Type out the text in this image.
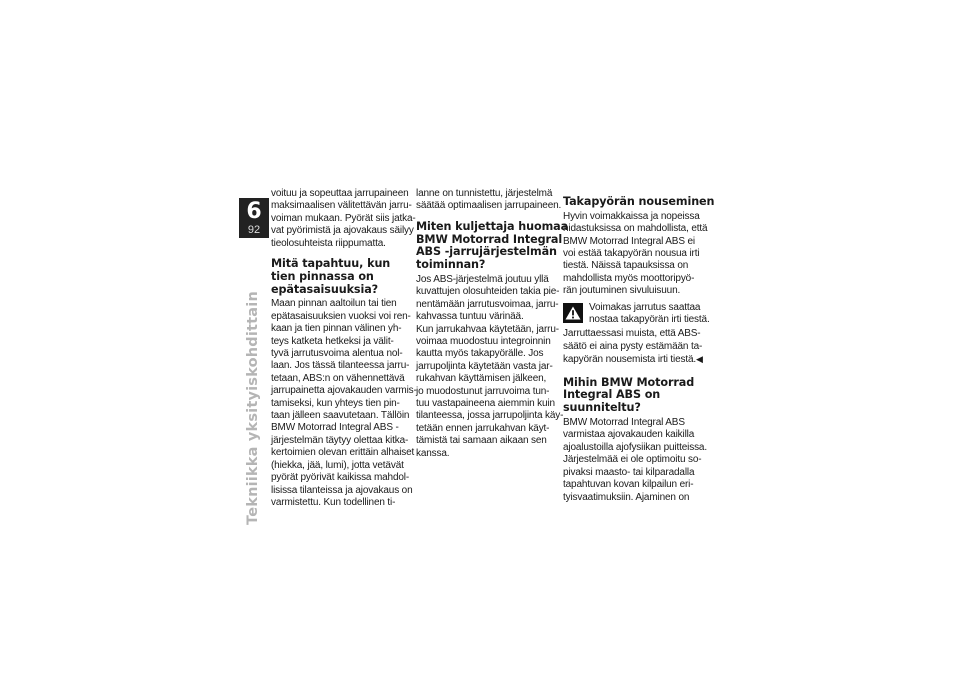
6
92
Tekniikka yksityiskohdittain

voituu ja sopeuttaa jarrupaineen
maksimaalisen välitettävän jarru-
voiman mukaan. Pyörät siis jatka-
vat pyörimistä ja ajovakaus säilyy
tieolosuhteista riippumatta.

Mitä tapahtuu, kun
tien pinnassa on
epätasaisuuksia?

Maan pinnan aaltoilun tai tien
epätasaisuuksien vuoksi voi ren-
kaan ja tien pinnan välinen yh-
teys katketa hetkeksi ja välit-
tyvä jarrutusvoima alentua nol-
laan. Jos tässä tilanteessa jarru-
tetaan, ABS:n on vähennettävä
jarrupainetta ajovakauden varmis-
tamiseksi, kun yhteys tien pin-
taan jälleen saavutetaan. Tällöin
BMW Motorrad Integral ABS -
järjestelmän täytyy olettaa kitka-
kertoimien olevan erittäin alhaiset
(hiekka, jää, lumi), jotta vetävät
pyörät pyörivät kaikissa mahdol-
lisissa tilanteissa ja ajovakaus on
varmistettu. Kun todellinen ti-

lanne on tunnistettu, järjestelmä
säätää optimaalisen jarrupaineen.

Miten kuljettaja huomaa
BMW Motorrad Integral
ABS -jarrujärjestelmän
toiminnan?

Jos ABS-järjestelmä joutuu yllä
kuvattujen olosuhteiden takia pie-
nentämään jarrutusvoimaa, jarru-
kahvassa tuntuu värinää.
Kun jarrukahvaa käytetään, jarru-
voimaa muodostuu integroinnin
kautta myös takapyörälle. Jos
jarrupoljinta käytetään vasta jar-
rukahvan käyttämisen jälkeen,
jo muodostunut jarruvoima tun-
tuu vastapaineena aiemmin kuin
tilanteessa, jossa jarrupoljinta käy-
tetään ennen jarrukahvan käyt-
tämistä tai samaan aikaan sen
kanssa.

Takapyörän nouseminen

Hyvin voimakkaissa ja nopeissa
hidastuksissa on mahdollista, että
BMW Motorrad Integral ABS ei
voi estää takapyörän nousua irti
tiestä. Näissä tapauksissa on
mahdollista myös moottoripyö-
rän joutuminen sivuluisuun.

Voimakas jarrutus saattaa
nostaa takapyörän irti tiestä.

Jarruttaessasi muista, että ABS-
säätö ei aina pysty estämään ta-
kapyörän nousemista irti tiestä.◀

Mihin BMW Motorrad
Integral ABS on
suunniteltu?

BMW Motorrad Integral ABS
varmistaa ajovakauden kaikilla
ajoalustoilla ajofysiikan puitteissa.
Järjestelmää ei ole optimoitu so-
pivaksi maasto- tai kilparadalla
tapahtuvan kovan kilpailun eri-
tyisvaatimuksiin. Ajaminen on
